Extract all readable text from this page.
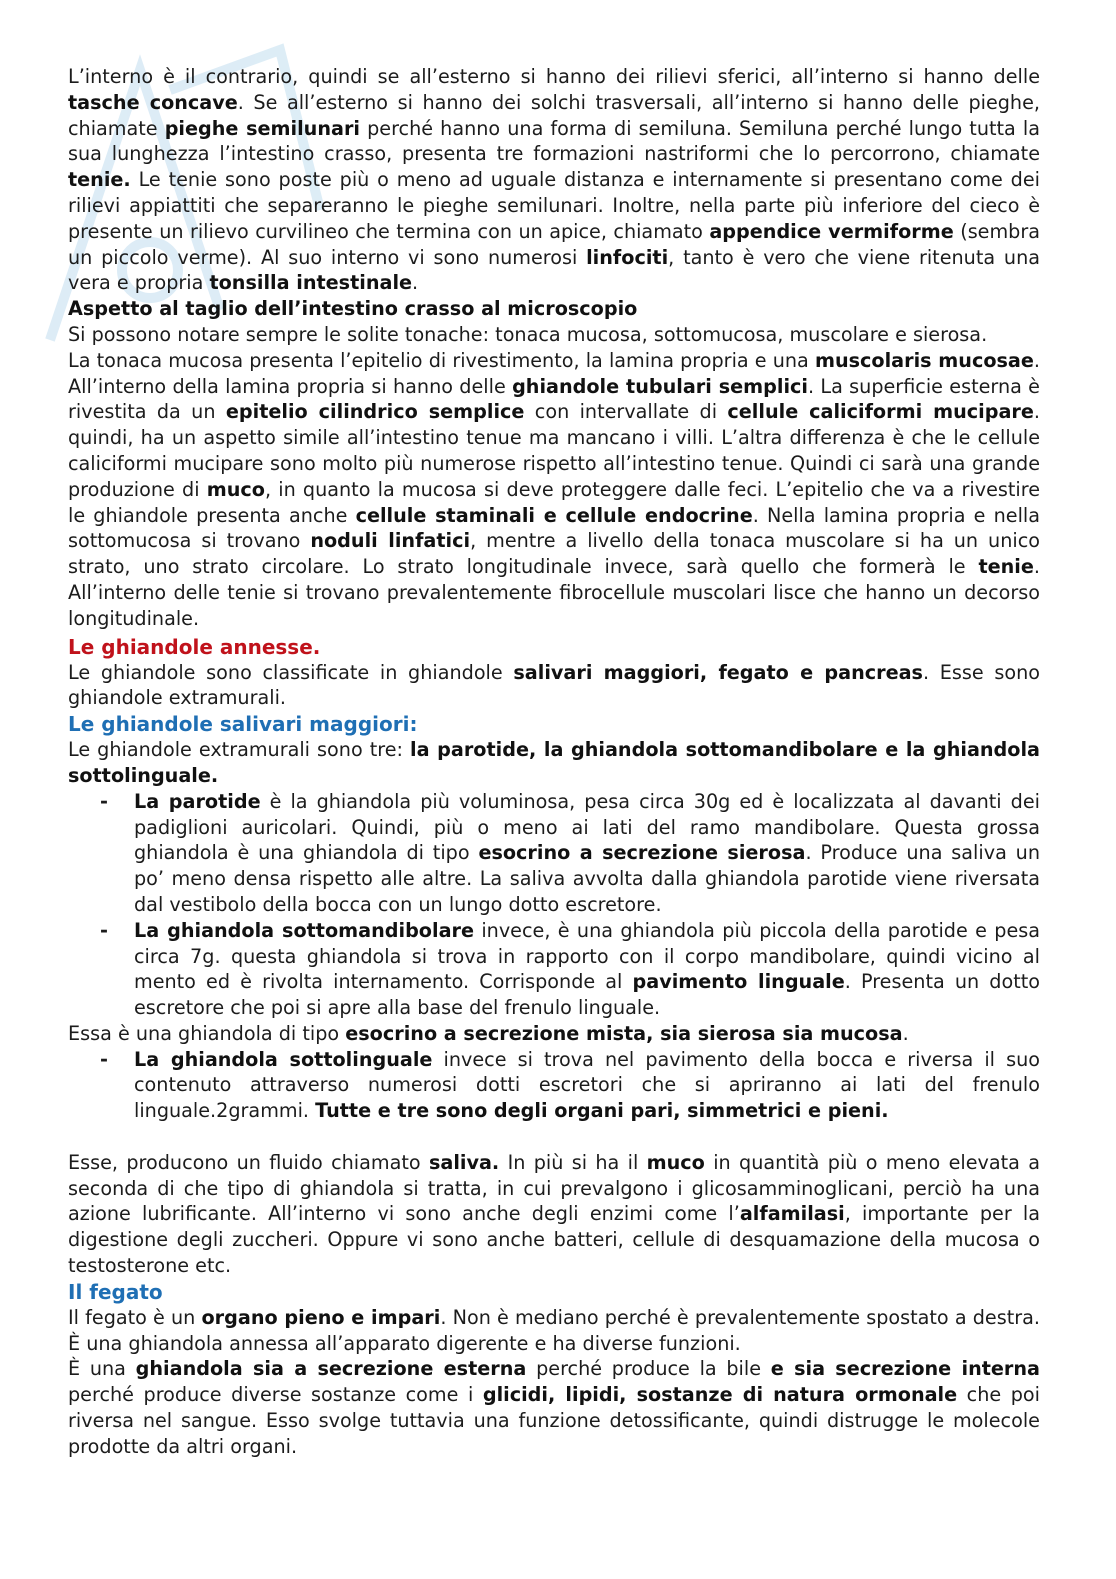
L’interno è il contrario, quindi se all’esterno si hanno dei rilievi sferici, all’interno si hanno delle tasche concave. Se all’esterno si hanno dei solchi trasversali, all’interno si hanno delle pieghe, chiamate pieghe semilunari perché hanno una forma di semiluna. Semiluna perché lungo tutta la sua lunghezza l’intestino crasso, presenta tre formazioni nastriformi che lo percorrono, chiamate tenie. Le tenie sono poste più o meno ad uguale distanza e internamente si presentano come dei rilievi appiattiti che separeranno le pieghe semilunari. Inoltre, nella parte più inferiore del cieco è presente un rilievo curvilineo che termina con un apice, chiamato appendice vermiforme (sembra un piccolo verme). Al suo interno vi sono numerosi linfociti, tanto è vero che viene ritenuta una vera e propria tonsilla intestinale.

Aspetto al taglio dell’intestino crasso al microscopio

Si possono notare sempre le solite tonache: tonaca mucosa, sottomucosa, muscolare e sierosa.

La tonaca mucosa presenta l’epitelio di rivestimento, la lamina propria e una muscolaris mucosae. All’interno della lamina propria si hanno delle ghiandole tubulari semplici. La superficie esterna è rivestita da un epitelio cilindrico semplice con intervallate di cellule caliciformi mucipare. quindi, ha un aspetto simile all’intestino tenue ma mancano i villi. L’altra differenza è che le cellule caliciformi mucipare sono molto più numerose rispetto all’intestino tenue. Quindi ci sarà una grande produzione di muco, in quanto la mucosa si deve proteggere dalle feci. L’epitelio che va a rivestire le ghiandole presenta anche cellule staminali e cellule endocrine. Nella lamina propria e nella sottomucosa si trovano noduli linfatici, mentre a livello della tonaca muscolare si ha un unico strato, uno strato circolare. Lo strato longitudinale invece, sarà quello che formerà le tenie. All’interno delle tenie si trovano prevalentemente fibrocellule muscolari lisce che hanno un decorso longitudinale.

Le ghiandole annesse.

Le ghiandole sono classificate in ghiandole salivari maggiori, fegato e pancreas. Esse sono ghiandole extramurali.

Le ghiandole salivari maggiori:

Le ghiandole extramurali sono tre: la parotide, la ghiandola sottomandibolare e la ghiandola sottolinguale.

- La parotide è la ghiandola più voluminosa, pesa circa 30g ed è localizzata al davanti dei padiglioni auricolari. Quindi, più o meno ai lati del ramo mandibolare. Questa grossa ghiandola è una ghiandola di tipo esocrino a secrezione sierosa. Produce una saliva un po’ meno densa rispetto alle altre. La saliva avvolta dalla ghiandola parotide viene riversata dal vestibolo della bocca con un lungo dotto escretore.
- La ghiandola sottomandibolare invece, è una ghiandola più piccola della parotide e pesa circa 7g. questa ghiandola si trova in rapporto con il corpo mandibolare, quindi vicino al mento ed è rivolta internamento. Corrisponde al pavimento linguale. Presenta un dotto escretore che poi si apre alla base del frenulo linguale.

Essa è una ghiandola di tipo esocrino a secrezione mista, sia sierosa sia mucosa.

- La ghiandola sottolinguale invece si trova nel pavimento della bocca e riversa il suo contenuto attraverso numerosi dotti escretori che si apriranno ai lati del frenulo linguale.2grammi. Tutte e tre sono degli organi pari, simmetrici e pieni.

Esse, producono un fluido chiamato saliva. In più si ha il muco in quantità più o meno elevata a seconda di che tipo di ghiandola si tratta, in cui prevalgono i glicosamminoglicani, perciò ha una azione lubrificante. All’interno vi sono anche degli enzimi come l’alfamilasi, importante per la digestione degli zuccheri. Oppure vi sono anche batteri, cellule di desquamazione della mucosa o testosterone etc.

Il fegato

Il fegato è un organo pieno e impari. Non è mediano perché è prevalentemente spostato a destra. È una ghiandola annessa all’apparato digerente e ha diverse funzioni.

È una ghiandola sia a secrezione esterna perché produce la bile e sia secrezione interna perché produce diverse sostanze come i glicidi, lipidi, sostanze di natura ormonale che poi riversa nel sangue. Esso svolge tuttavia una funzione detossificante, quindi distrugge le molecole prodotte da altri organi.
